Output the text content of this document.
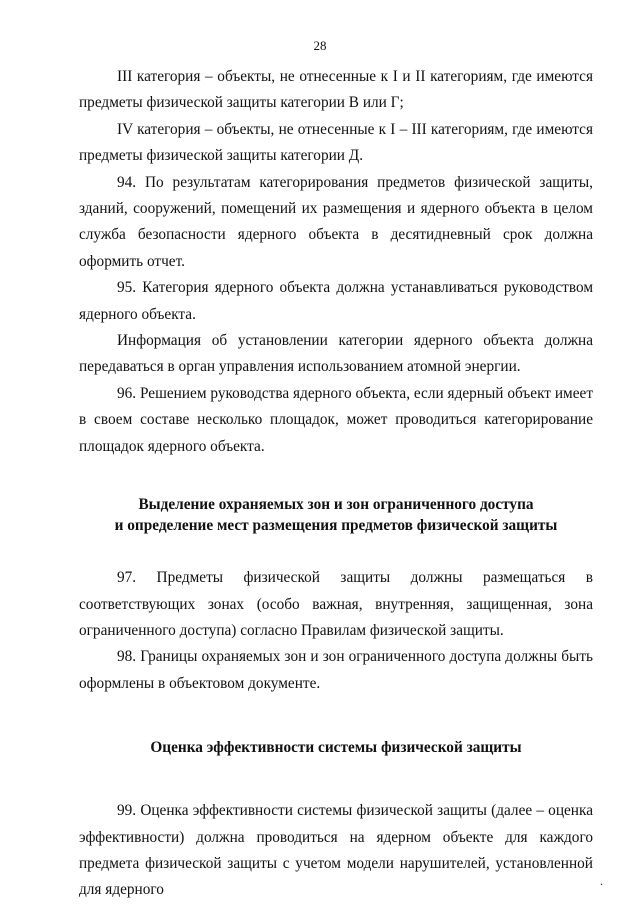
28

III категория – объекты, не отнесенные к I и II категориям, где имеются предметы физической защиты категории В или Г;

IV категория – объекты, не отнесенные к I – III категориям, где имеются предметы физической защиты категории Д.

94. По результатам категорирования предметов физической защиты, зданий, сооружений, помещений их размещения и ядерного объекта в целом служба безопасности ядерного объекта в десятидневный срок должна оформить отчет.

95. Категория ядерного объекта должна устанавливаться руководством ядерного объекта.

Информация об установлении категории ядерного объекта должна передаваться в орган управления использованием атомной энергии.

96. Решением руководства ядерного объекта, если ядерный объект имеет в своем составе несколько площадок, может проводиться категорирование площадок ядерного объекта.

Выделение охраняемых зон и зон ограниченного доступа
и определение мест размещения предметов физической защиты

97. Предметы физической защиты должны размещаться в соответствующих зонах (особо важная, внутренняя, защищенная, зона ограниченного доступа) согласно Правилам физической защиты.

98. Границы охраняемых зон и зон ограниченного доступа должны быть оформлены в объектовом документе.

Оценка эффективности системы физической защиты

99. Оценка эффективности системы физической защиты (далее – оценка эффективности) должна проводиться на ядерном объекте для каждого предмета физической защиты с учетом модели нарушителей, установленной для ядерного

.
